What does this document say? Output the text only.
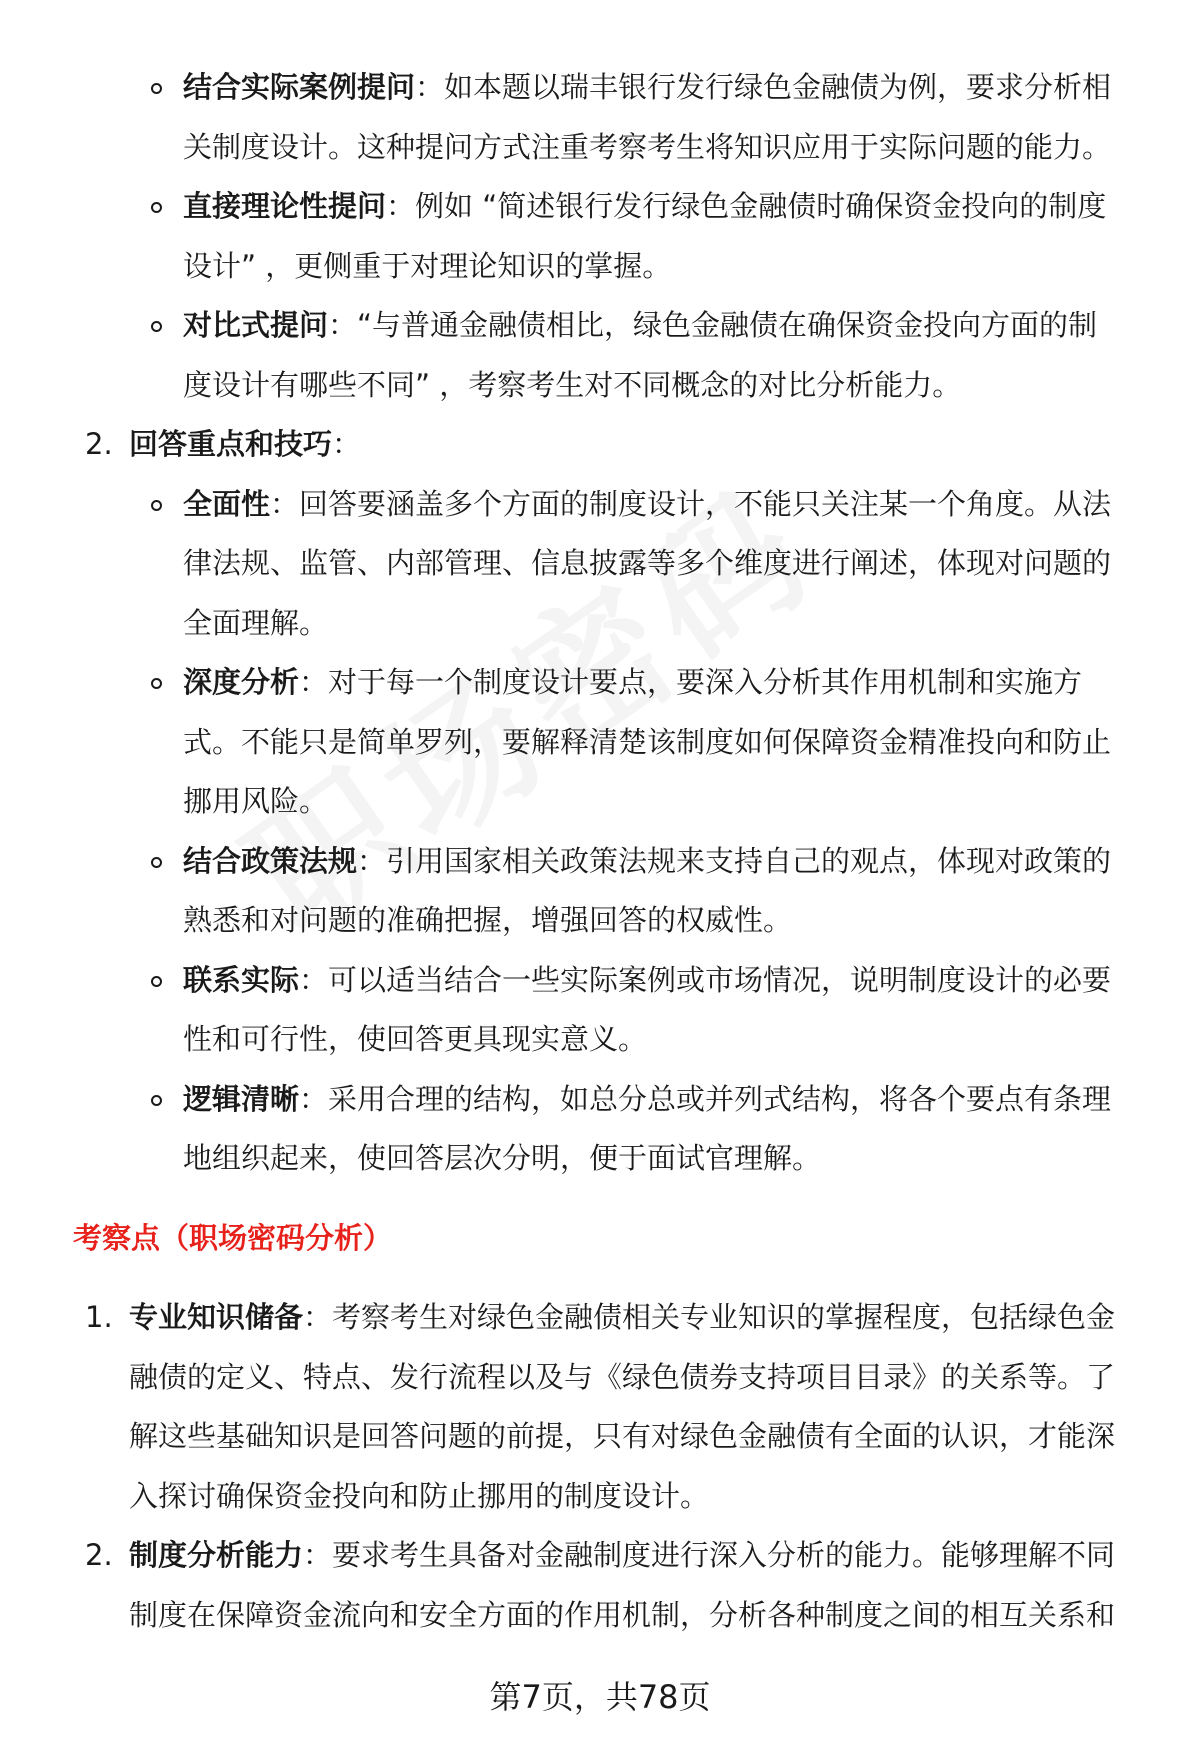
结合实际案例提问：如本题以瑞丰银行发行绿色金融债为例，要求分析相
关制度设计。这种提问方式注重考察考生将知识应用于实际问题的能力。
直接理论性提问：例如 “简述银行发行绿色金融债时确保资金投向的制度
设计” ，更侧重于对理论知识的掌握。
对比式提问：“与普通金融债相比，绿色金融债在确保资金投向方面的制
度设计有哪些不同” ，考察考生对不同概念的对比分析能力。
2. 回答重点和技巧：
全面性：回答要涵盖多个方面的制度设计，不能只关注某一个角度。从法
律法规、监管、内部管理、信息披露等多个维度进行阐述，体现对问题的
全面理解。
深度分析：对于每一个制度设计要点，要深入分析其作用机制和实施方
式。不能只是简单罗列，要解释清楚该制度如何保障资金精准投向和防止
挪用风险。
结合政策法规：引用国家相关政策法规来支持自己的观点，体现对政策的
熟悉和对问题的准确把握，增强回答的权威性。
联系实际：可以适当结合一些实际案例或市场情况，说明制度设计的必要
性和可行性，使回答更具现实意义。
逻辑清晰：采用合理的结构，如总分总或并列式结构，将各个要点有条理
地组织起来，使回答层次分明，便于面试官理解。
考察点（职场密码分析）
1. 专业知识储备：考察考生对绿色金融债相关专业知识的掌握程度，包括绿色金
融债的定义、特点、发行流程以及与《绿色债券支持项目目录》的关系等。了
解这些基础知识是回答问题的前提，只有对绿色金融债有全面的认识，才能深
入探讨确保资金投向和防止挪用的制度设计。
2. 制度分析能力：要求考生具备对金融制度进行深入分析的能力。能够理解不同
制度在保障资金流向和安全方面的作用机制，分析各种制度之间的相互关系和
第7页，共78页
